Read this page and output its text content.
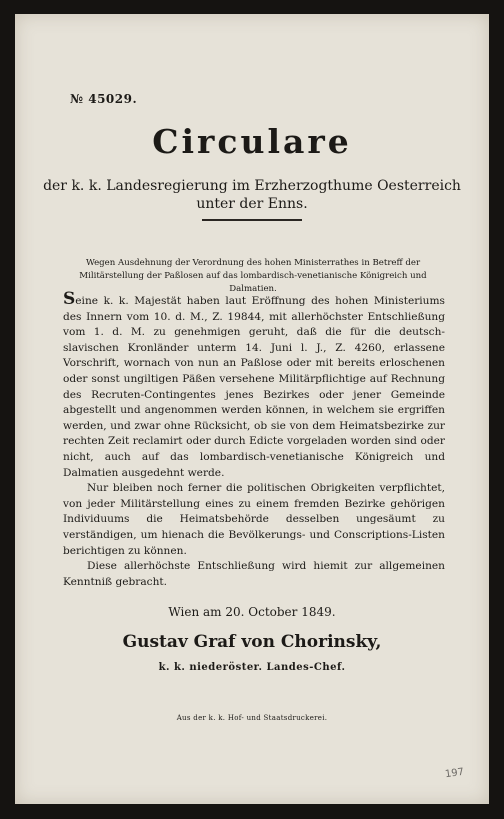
№ 45029.
Circulare
der k. k. Landesregierung im Erzherzogthume Oesterreich
unter der Enns.
Wegen Ausdehnung der Verordnung des hohen Ministerrathes in Betreff der Militärstellung der Paßlosen auf das lombardisch-venetianische Königreich und Dalmatien.

Seine k. k. Majestät haben laut Eröffnung des hohen Ministeriums des Innern vom 10. d. M., Z. 19844, mit allerhöchster Entschließung vom 1. d. M. zu genehmigen geruht, daß die für die deutsch-slavischen Kronländer unterm 14. Juni l. J., Z. 4260, erlassene Vorschrift, wornach von nun an Paßlose oder mit bereits erloschenen oder sonst ungiltigen Päßen versehene Militärpflichtige auf Rechnung des Recruten-Contingentes jenes Bezirkes oder jener Gemeinde abgestellt und angenommen werden können, in welchem sie ergriffen werden, und zwar ohne Rücksicht, ob sie von dem Heimatsbezirke zur rechten Zeit reclamirt oder durch Edicte vorgeladen worden sind oder nicht, auch auf das lombardisch-venetianische Königreich und Dalmatien ausgedehnt werde.

Nur bleiben noch ferner die politischen Obrigkeiten verpflichtet, von jeder Militärstellung eines zu einem fremden Bezirke gehörigen Individuums die Heimatsbehörde desselben ungesäumt zu verständigen, um hienach die Bevölkerungs- und Conscriptions-Listen berichtigen zu können.

Diese allerhöchste Entschließung wird hiemit zur allgemeinen Kenntniß gebracht.

Wien am 20. October 1849.
Gustav Graf von Chorinsky,
k. k. niederöster. Landes-Chef.
Aus der k. k. Hof- und Staatsdruckerei.
197
